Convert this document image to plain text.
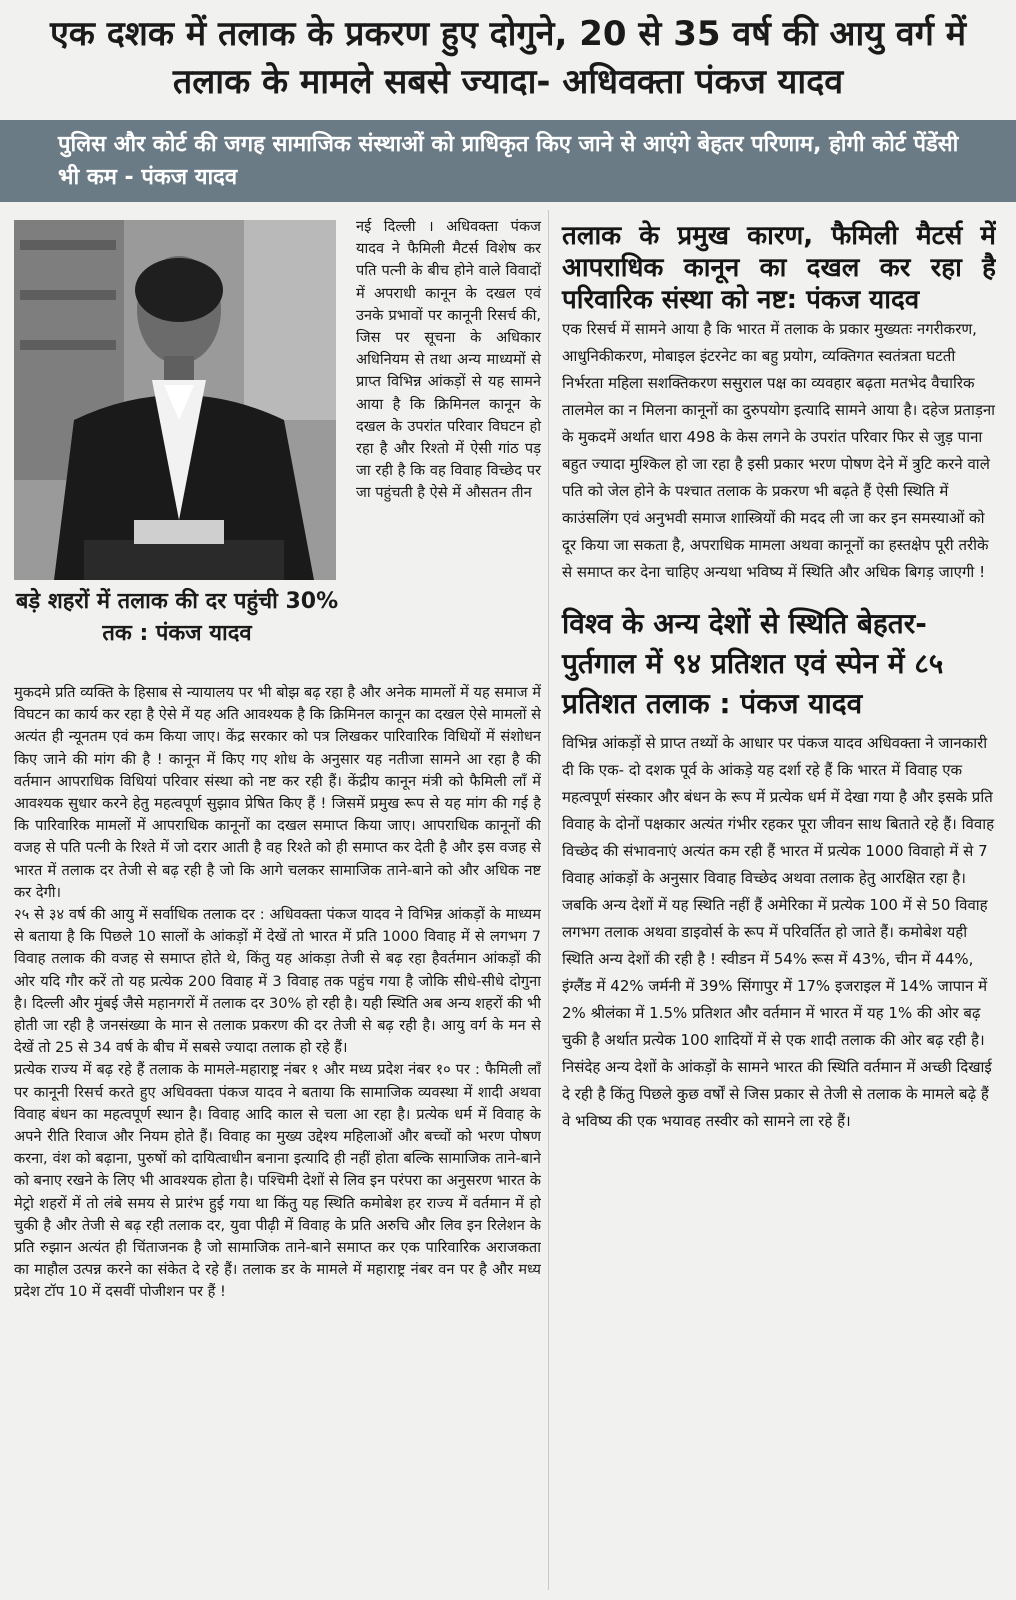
एक दशक में तलाक के प्रकरण हुए दोगुने, 20 से 35 वर्ष की आयु वर्ग में तलाक के मामले सबसे ज्यादा- अधिवक्ता पंकज यादव
पुलिस और कोर्ट की जगह सामाजिक संस्थाओं को प्राधिकृत किए जाने से आएंगे बेहतर परिणाम, होगी कोर्ट पेंडेंसी भी कम - पंकज यादव
बड़े शहरों में तलाक की दर पहुंची 30% तक : पंकज यादव

नई दिल्ली । अधिवक्ता पंकज यादव ने फैमिली मैटर्स विशेष कर पति पत्नी के बीच होने वाले विवादों में अपराधी कानून के दखल एवं उनके प्रभावों पर कानूनी रिसर्च की, जिस पर सूचना के अधिकार अधिनियम से तथा अन्य माध्यमों से प्राप्त विभिन्न आंकड़ों से यह सामने आया है कि क्रिमिनल कानून के दखल के उपरांत परिवार विघटन हो रहा है और रिश्तो में ऐसी गांठ पड़ जा रही है कि वह विवाह विच्छेद पर जा पहुंचती है ऐसे में औसतन तीन

मुकदमे प्रति व्यक्ति के हिसाब से न्यायालय पर भी बोझ बढ़ रहा है और अनेक मामलों में यह समाज में विघटन का कार्य कर रहा है ऐसे में यह अति आवश्यक है कि क्रिमिनल कानून का दखल ऐसे मामलों से अत्यंत ही न्यूनतम एवं कम किया जाए। केंद्र सरकार को पत्र लिखकर पारिवारिक विधियों में संशोधन किए जाने की मांग की है ! कानून में किए गए शोध के अनुसार यह नतीजा सामने आ रहा है की वर्तमान आपराधिक विधियां परिवार संस्था को नष्ट कर रही हैं। केंद्रीय कानून मंत्री को फैमिली लॉं में आवश्यक सुधार करने हेतु महत्वपूर्ण सुझाव प्रेषित किए हैं ! जिसमें प्रमुख रूप से यह मांग की गई है कि पारिवारिक मामलों में आपराधिक कानूनों का दखल समाप्त किया जाए। आपराधिक कानूनों की वजह से पति पत्नी के रिश्ते में जो दरार आती है वह रिश्ते को ही समाप्त कर देती है और इस वजह से भारत में तलाक दर तेजी से बढ़ रही है जो कि आगे चलकर सामाजिक ताने-बाने को और अधिक नष्ट कर देगी।

२५ से ३४ वर्ष की आयु में सर्वाधिक तलाक दर : अधिवक्ता पंकज यादव ने विभिन्न आंकड़ों के माध्यम से बताया है कि पिछले 10 सालों के आंकड़ों में देखें तो भारत में प्रति 1000 विवाह में से लगभग 7 विवाह तलाक की वजह से समाप्त होते थे, किंतु यह आंकड़ा तेजी से बढ़ रहा हैवर्तमान आंकड़ों की ओर यदि गौर करें तो यह प्रत्येक 200 विवाह में 3 विवाह तक पहुंच गया है जोकि सीधे-सीधे दोगुना है। दिल्ली और मुंबई जैसे महानगरों में तलाक दर 30% हो रही है। यही स्थिति अब अन्य शहरों की भी होती जा रही है जनसंख्या के मान से तलाक प्रकरण की दर तेजी से बढ़ रही है। आयु वर्ग के मन से देखें तो 25 से 34 वर्ष के बीच में सबसे ज्यादा तलाक हो रहे हैं।

प्रत्येक राज्य में बढ़ रहे हैं तलाक के मामले-महाराष्ट्र नंबर १ और मध्य प्रदेश नंबर १० पर : फैमिली लॉं पर कानूनी रिसर्च करते हुए अधिवक्ता पंकज यादव ने बताया कि सामाजिक व्यवस्था में शादी अथवा विवाह बंधन का महत्वपूर्ण स्थान है। विवाह आदि काल से चला आ रहा है। प्रत्येक धर्म में विवाह के अपने रीति रिवाज और नियम होते हैं। विवाह का मुख्य उद्देश्य महिलाओं और बच्चों को भरण पोषण करना, वंश को बढ़ाना, पुरुषों को दायित्वाधीन बनाना इत्यादि ही नहीं होता बल्कि सामाजिक ताने-बाने को बनाए रखने के लिए भी आवश्यक होता है। पश्चिमी देशों से लिव इन परंपरा का अनुसरण भारत के मेट्रो शहरों में तो लंबे समय से प्रारंभ हुई गया था किंतु यह स्थिति कमोबेश हर राज्य में वर्तमान में हो चुकी है और तेजी से बढ़ रही तलाक दर, युवा पीढ़ी में विवाह के प्रति अरुचि और लिव इन रिलेशन के प्रति रुझान अत्यंत ही चिंताजनक है जो सामाजिक ताने-बाने समाप्त कर एक पारिवारिक अराजकता का माहौल उत्पन्न करने का संकेत दे रहे हैं। तलाक डर के मामले में महाराष्ट्र नंबर वन पर है और मध्य प्रदेश टॉप 10 में दसवीं पोजीशन पर हैं !

तलाक के प्रमुख कारण, फैमिली मैटर्स में आपराधिक कानून का दखल कर रहा है परिवारिक संस्था को नष्ट: पंकज यादव

एक रिसर्च में सामने आया है कि भारत में तलाक के प्रकार मुख्यतः नगरीकरण, आधुनिकीकरण, मोबाइल इंटरनेट का बहु प्रयोग, व्यक्तिगत स्वतंत्रता घटती निर्भरता महिला सशक्तिकरण ससुराल पक्ष का व्यवहार बढ़ता मतभेद वैचारिक तालमेल का न मिलना कानूनों का दुरुपयोग इत्यादि सामने आया है। दहेज प्रताड़ना के मुकदमें अर्थात धारा 498 के केस लगने के उपरांत परिवार फिर से जुड़ पाना बहुत ज्यादा मुश्किल हो जा रहा है इसी प्रकार भरण पोषण देने में त्रुटि करने वाले पति को जेल होने के पश्चात तलाक के प्रकरण भी बढ़ते हैं ऐसी स्थिति में काउंसलिंग एवं अनुभवी समाज शास्त्रियों की मदद ली जा कर इन समस्याओं को दूर किया जा सकता है, अपराधिक मामला अथवा कानूनों का हस्तक्षेप पूरी तरीके से समाप्त कर देना चाहिए अन्यथा भविष्य में स्थिति और अधिक बिगड़ जाएगी !

विश्व के अन्य देशों से स्थिति बेहतर- पुर्तगाल में ९४ प्रतिशत एवं स्पेन में ८५ प्रतिशत तलाक : पंकज यादव

विभिन्न आंकड़ों से प्राप्त तथ्यों के आधार पर पंकज यादव अधिवक्ता ने जानकारी दी कि एक- दो दशक पूर्व के आंकड़े यह दर्शा रहे हैं कि भारत में विवाह एक महत्वपूर्ण संस्कार और बंधन के रूप में प्रत्येक धर्म में देखा गया है और इसके प्रति विवाह के दोनों पक्षकार अत्यंत गंभीर रहकर पूरा जीवन साथ बिताते रहे हैं। विवाह विच्छेद की संभावनाएं अत्यंत कम रही हैं भारत में प्रत्येक 1000 विवाहो में से 7 विवाह आंकड़ों के अनुसार विवाह विच्छेद अथवा तलाक हेतु आरक्षित रहा है। जबकि अन्य देशों में यह स्थिति नहीं हैं अमेरिका में प्रत्येक 100 में से 50 विवाह लगभग तलाक अथवा डाइवोर्स के रूप में परिवर्तित हो जाते हैं। कमोबेश यही स्थिति अन्य देशों की रही है ! स्वीडन में 54% रूस में 43%, चीन में 44%, इंग्लैंड में 42% जर्मनी में 39% सिंगापुर में 17% इजराइल में 14% जापान में 2% श्रीलंका में 1.5% प्रतिशत और वर्तमान में भारत में यह 1% की ओर बढ़ चुकी है अर्थात प्रत्येक 100 शादियों में से एक शादी तलाक की ओर बढ़ रही है। निसंदेह अन्य देशों के आंकड़ों के सामने भारत की स्थिति वर्तमान में अच्छी दिखाई दे रही है किंतु पिछले कुछ वर्षों से जिस प्रकार से तेजी से तलाक के मामले बढ़े हैं वे भविष्य की एक भयावह तस्वीर को सामने ला रहे हैं।
